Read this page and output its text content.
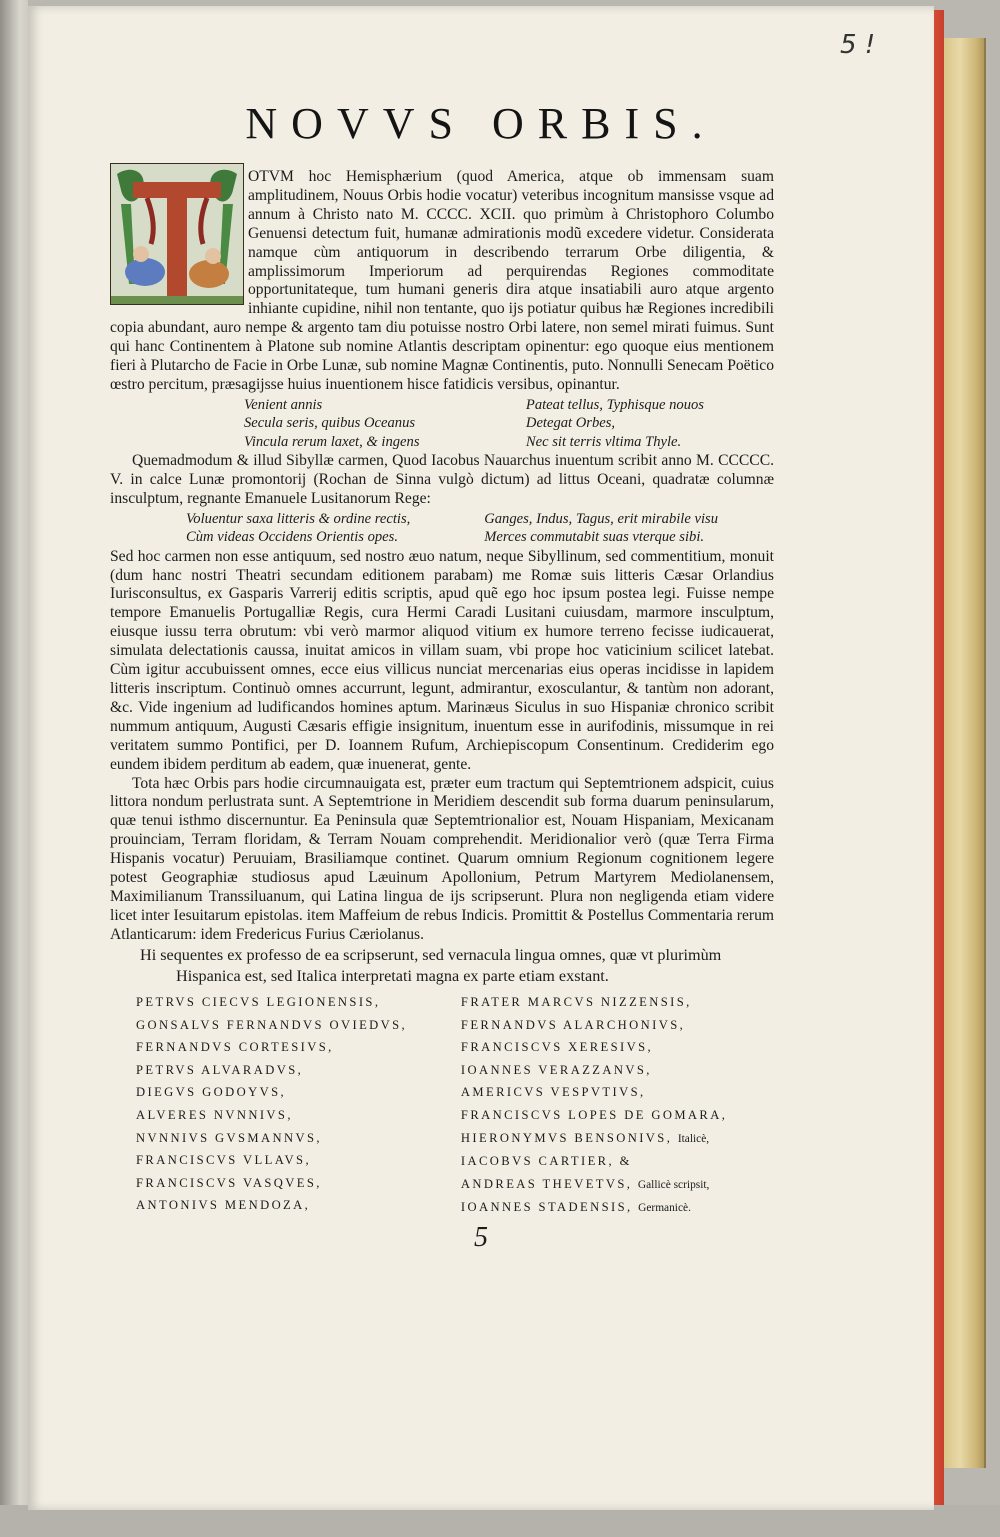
5 !
NOVVS ORBIS.

OTVM hoc Hemisphærium (quod America, atque ob immensam suam amplitudinem, Nouus Orbis hodie vocatur) veteribus incognitum mansisse vsque ad annum à Christo nato M. CCCC. XCII. quo primùm à Christophoro Columbo Genuensi detectum fuit, humanæ admirationis modũ excedere videtur. Considerata namque cùm antiquorum in describendo terrarum Orbe diligentia, & amplissimorum Imperiorum ad perquirendas Regiones commoditate opportunitateque, tum humani generis dira atque insatiabili auro atque argento inhiante cupidine, nihil non tentante, quo ijs potiatur quibus hæ Regiones incredibili copia abundant, auro nempe & argento tam diu potuisse nostro Orbi latere, non semel mirati fuimus. Sunt qui hanc Continentem à Platone sub nomine Atlantis descriptam opinentur: ego quoque eius mentionem fieri à Plutarcho de Facie in Orbe Lunæ, sub nomine Magnæ Continentis, puto. Nonnulli Senecam Poëtico œstro percitum, præsagijsse huius inuentionem hisce fatidicis versibus, opinantur.

Venient annis
Secula seris, quibus Oceanus
Vincula rerum laxet, & ingens
Pateat tellus, Typhisque nouos
Detegat Orbes,
Nec sit terris vltima Thyle.

Quemadmodum & illud Sibyllæ carmen, Quod Iacobus Nauarchus inuentum scribit anno M. CCCCC. V. in calce Lunæ promontorij (Rochan de Sinna vulgò dictum) ad littus Oceani, quadratæ columnæ insculptum, regnante Emanuele Lusitanorum Rege:

Voluentur saxa litteris & ordine rectis,
Cùm videas Occidens Orientis opes.
Ganges, Indus, Tagus, erit mirabile visu
Merces commutabit suas vterque sibi.

Sed hoc carmen non esse antiquum, sed nostro æuo natum, neque Sibyllinum, sed commentitium, monuit (dum hanc nostri Theatri secundam editionem parabam) me Romæ suis litteris Cæsar Orlandius Iurisconsultus, ex Gasparis Varrerij editis scriptis, apud quẽ ego hoc ipsum postea legi. Fuisse nempe tempore Emanuelis Portugalliæ Regis, cura Hermi Caradi Lusitani cuiusdam, marmore insculptum, eiusque iussu terra obrutum: vbi verò marmor aliquod vitium ex humore terreno fecisse iudicauerat, simulata delectationis caussa, inuitat amicos in villam suam, vbi prope hoc vaticinium scilicet latebat. Cùm igitur accubuissent omnes, ecce eius villicus nunciat mercenarias eius operas incidisse in lapidem litteris inscriptum. Continuò omnes accurrunt, legunt, admirantur, exosculantur, & tantùm non adorant, &c. Vide ingenium ad ludificandos homines aptum. Marinæus Siculus in suo Hispaniæ chronico scribit nummum antiquum, Augusti Cæsaris effigie insignitum, inuentum esse in aurifodinis, missumque in rei veritatem summo Pontifici, per D. Ioannem Rufum, Archiepiscopum Consentinum. Crediderim ego eundem ibidem perditum ab eadem, quæ inuenerat, gente.

Tota hæc Orbis pars hodie circumnauigata est, præter eum tractum qui Septemtrionem adspicit, cuius littora nondum perlustrata sunt. A Septemtrione in Meridiem descendit sub forma duarum peninsularum, quæ tenui isthmo discernuntur. Ea Peninsula quæ Septemtrionalior est, Nouam Hispaniam, Mexicanam prouinciam, Terram floridam, & Terram Nouam comprehendit. Meridionalior verò (quæ Terra Firma Hispanis vocatur) Peruuiam, Brasiliamque continet. Quarum omnium Regionum cognitionem legere potest Geographiæ studiosus apud Læuinum Apollonium, Petrum Martyrem Mediolanensem, Maximilianum Transsiluanum, qui Latina lingua de ijs scripserunt. Plura non negligenda etiam videre licet inter Iesuitarum epistolas. item Maffeium de rebus Indicis. Promittit & Postellus Commentaria rerum Atlanticarum: idem Fredericus Furius Cæriolanus.

Hi sequentes ex professo de ea scripserunt, sed vernacula lingua omnes, quæ vt plurimùm
Hispanica est, sed Italica interpretati magna ex parte etiam exstant.
PETRVS CIECVS LEGIONENSIS,
GONSALVS FERNANDVS OVIEDVS,
FERNANDVS CORTESIVS,
PETRVS ALVARADVS,
DIEGVS GODOYVS,
ALVERES NVNNIVS,
NVNNIVS GVSMANNVS,
FRANCISCVS VLLAVS,
FRANCISCVS VASQVES,
ANTONIVS MENDOZA,
FRATER MARCVS NIZZENSIS,
FERNANDVS ALARCHONIVS,
FRANCISCVS XERESIVS,
IOANNES VERAZZANVS,
AMERICVS VESPVTIVS,
FRANCISCVS LOPES DE GOMARA,
HIERONYMVS BENSONIVS, Italicè,
IACOBVS CARTIER, &
ANDREAS THEVETVS, Gallicè scripsit,
IOANNES STADENSIS, Germanicè.
5
